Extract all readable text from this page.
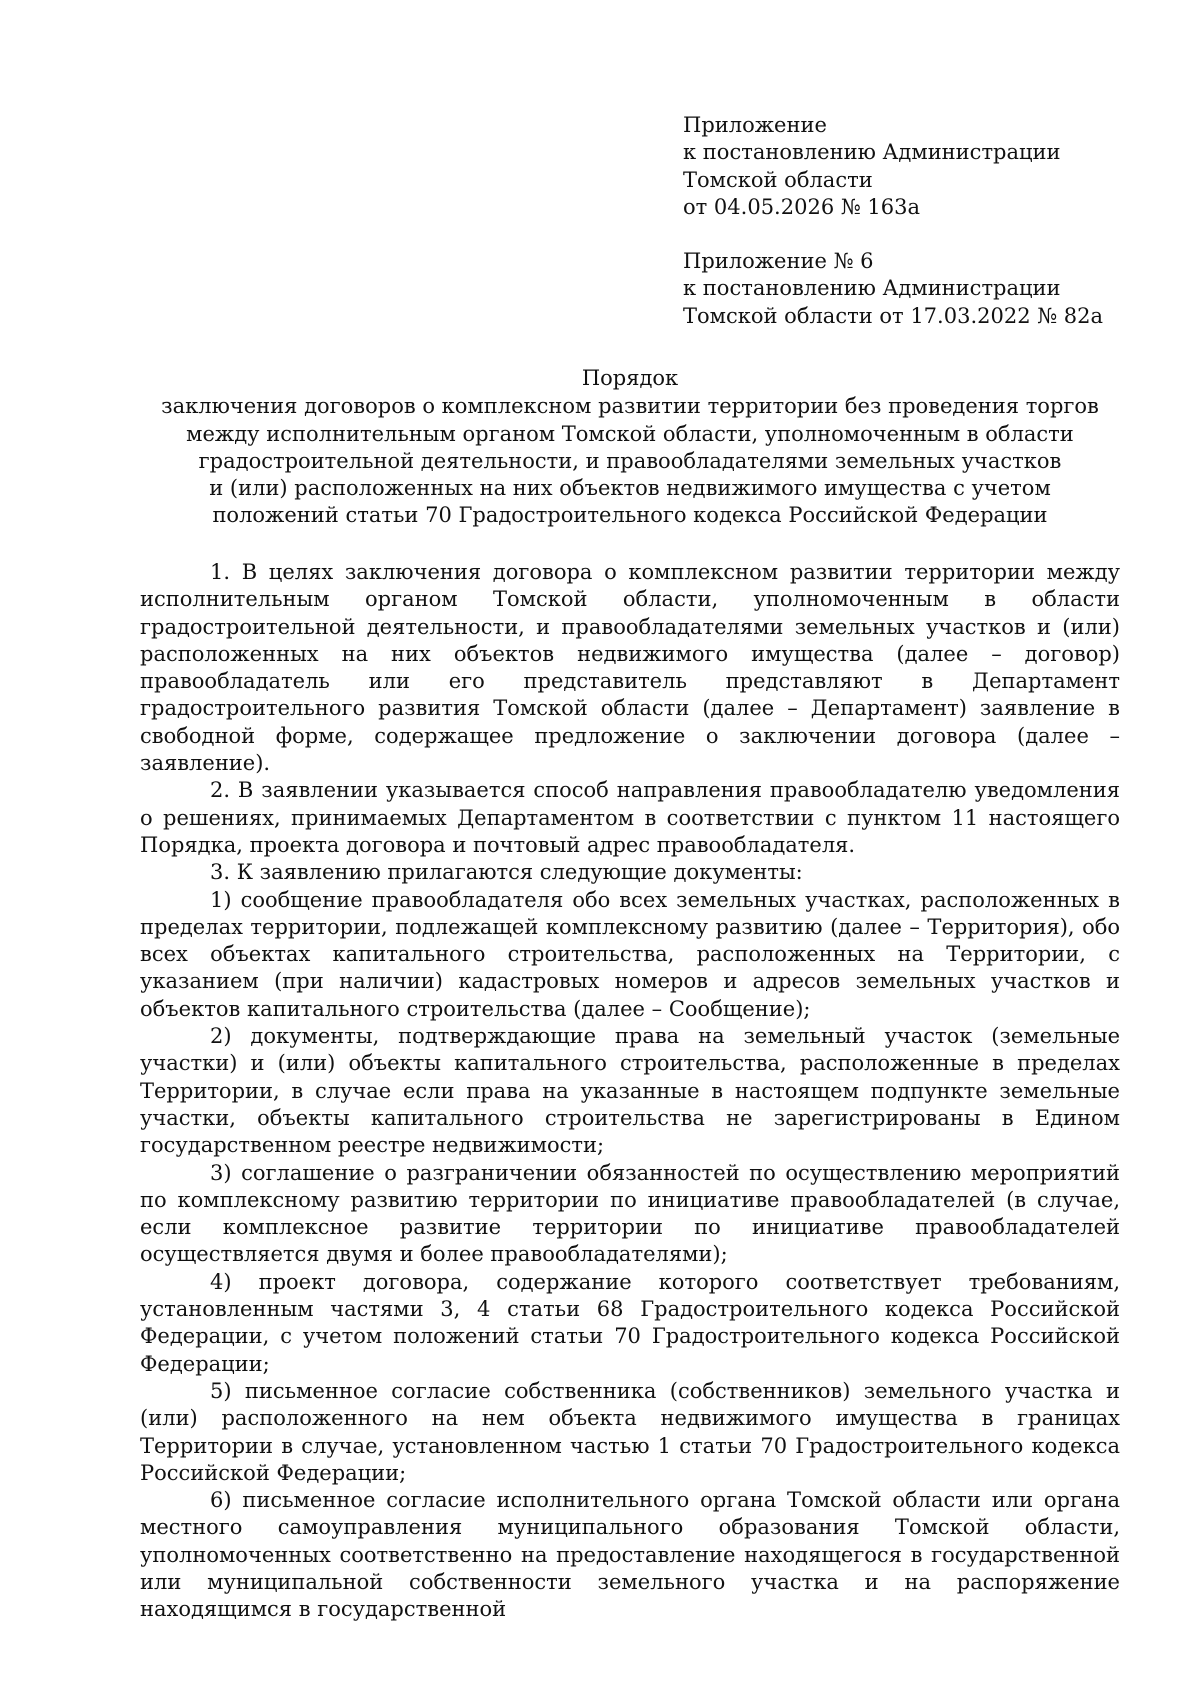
Приложение

к постановлению Администрации

Томской области

от 04.05.2026 № 163а

Приложение № 6

к постановлению Администрации

Томской области от 17.03.2022 № 82а

Порядок

заключения договоров о комплексном развитии территории без проведения торгов
между исполнительным органом Томской области, уполномоченным в области
градостроительной деятельности, и правообладателями земельных участков
и (или) расположенных на них объектов недвижимого имущества с учетом
положений статьи 70 Градостроительного кодекса Российской Федерации

1. В целях заключения договора о комплексном развитии территории между исполнительным органом Томской области, уполномоченным в области градостроительной деятельности, и правообладателями земельных участков и (или) расположенных на них объектов недвижимого имущества (далее – договор) правообладатель или его представитель представляют в Департамент градостроительного развития Томской области (далее – Департамент) заявление в свободной форме, содержащее предложение о заключении договора (далее – заявление).

2. В заявлении указывается способ направления правообладателю уведомления о решениях, принимаемых Департаментом в соответствии с пунктом 11 настоящего Порядка, проекта договора и почтовый адрес правообладателя.

3. К заявлению прилагаются следующие документы:

1) сообщение правообладателя обо всех земельных участках, расположенных в пределах территории, подлежащей комплексному развитию (далее – Территория), обо всех объектах капитального строительства, расположенных на Территории, с указанием (при наличии) кадастровых номеров и адресов земельных участков и объектов капитального строительства (далее – Сообщение);

2) документы, подтверждающие права на земельный участок (земельные участки) и (или) объекты капитального строительства, расположенные в пределах Территории, в случае если права на указанные в настоящем подпункте земельные участки, объекты капитального строительства не зарегистрированы в Едином государственном реестре недвижимости;

3) соглашение о разграничении обязанностей по осуществлению мероприятий по комплексному развитию территории по инициативе правообладателей (в случае, если комплексное развитие территории по инициативе правообладателей осуществляется двумя и более правообладателями);

4) проект договора, содержание которого соответствует требованиям, установленным частями 3, 4 статьи 68 Градостроительного кодекса Российской Федерации, с учетом положений статьи 70 Градостроительного кодекса Российской Федерации;

5) письменное согласие собственника (собственников) земельного участка и (или) расположенного на нем объекта недвижимого имущества в границах Территории в случае, установленном частью 1 статьи 70 Градостроительного кодекса Российской Федерации;

6) письменное согласие исполнительного органа Томской области или органа местного самоуправления муниципального образования Томской области, уполномоченных соответственно на предоставление находящегося в государственной или муниципальной собственности земельного участка и на распоряжение находящимся в государственной
